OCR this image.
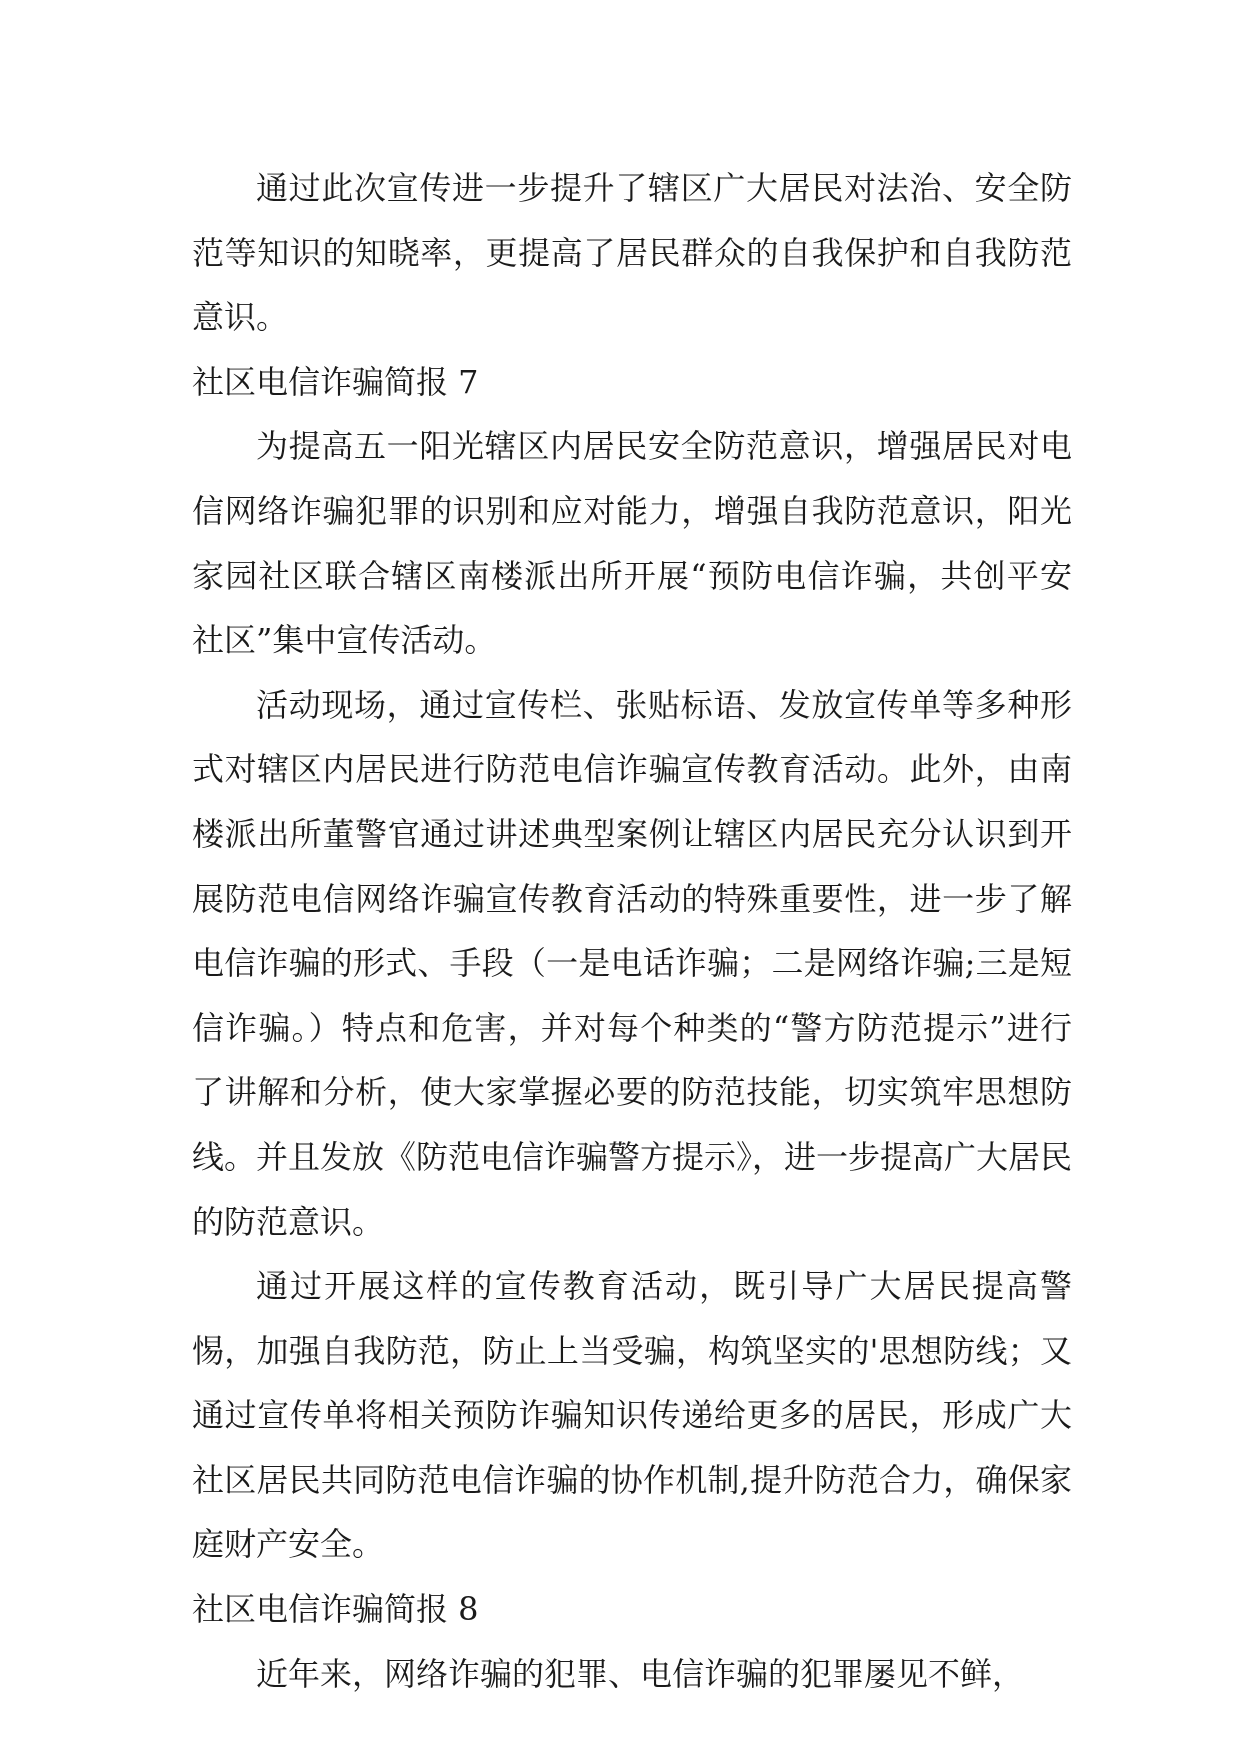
通过此次宣传进一步提升了辖区广大居民对法治、安全防范等知识的知晓率，更提高了居民群众的自我保护和自我防范意识。

社区电信诈骗简报 7

为提高五一阳光辖区内居民安全防范意识，增强居民对电信网络诈骗犯罪的识别和应对能力，增强自我防范意识，阳光家园社区联合辖区南楼派出所开展“预防电信诈骗，共创平安社区”集中宣传活动。

活动现场，通过宣传栏、张贴标语、发放宣传单等多种形式对辖区内居民进行防范电信诈骗宣传教育活动。此外，由南楼派出所董警官通过讲述典型案例让辖区内居民充分认识到开展防范电信网络诈骗宣传教育活动的特殊重要性，进一步了解电信诈骗的形式、手段（一是电话诈骗；二是网络诈骗;三是短信诈骗。）特点和危害，并对每个种类的“警方防范提示”进行了讲解和分析，使大家掌握必要的防范技能，切实筑牢思想防线。并且发放《防范电信诈骗警方提示》，进一步提高广大居民的防范意识。

通过开展这样的宣传教育活动，既引导广大居民提高警惕，加强自我防范，防止上当受骗，构筑坚实的'思想防线；又通过宣传单将相关预防诈骗知识传递给更多的居民，形成广大社区居民共同防范电信诈骗的协作机制,提升防范合力，确保家庭财产安全。

社区电信诈骗简报 8

近年来，网络诈骗的犯罪、电信诈骗的犯罪屡见不鲜，
